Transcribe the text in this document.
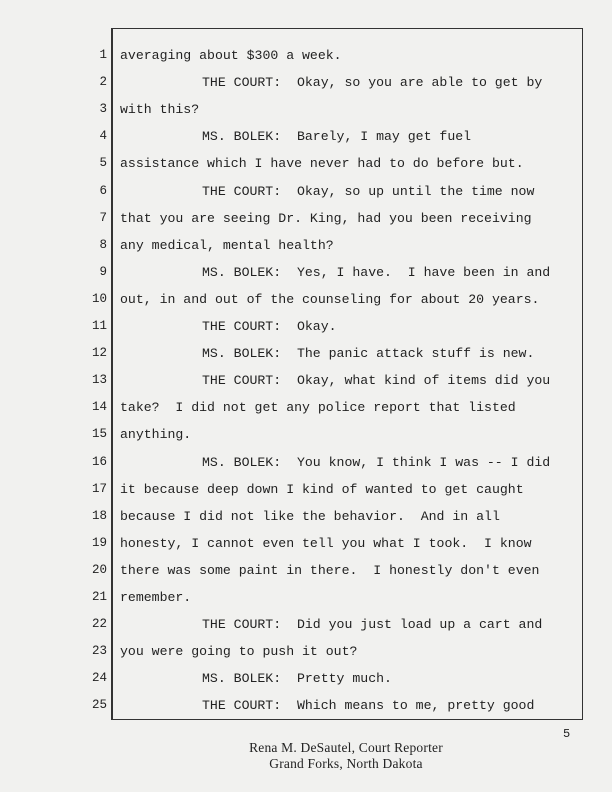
1 averaging about $300 a week.
2	THE COURT:  Okay, so you are able to get by
3 with this?
4	MS. BOLEK:  Barely, I may get fuel
5 assistance which I have never had to do before but.
6	THE COURT:  Okay, so up until the time now
7 that you are seeing Dr. King, had you been receiving
8 any medical, mental health?
9	MS. BOLEK:  Yes, I have.  I have been in and
10 out, in and out of the counseling for about 20 years.
11	THE COURT:  Okay.
12	MS. BOLEK:  The panic attack stuff is new.
13	THE COURT:  Okay, what kind of items did you
14 take?  I did not get any police report that listed
15 anything.
16	MS. BOLEK:  You know, I think I was -- I did
17 it because deep down I kind of wanted to get caught
18 because I did not like the behavior.  And in all
19 honesty, I cannot even tell you what I took.  I know
20 there was some paint in there.  I honestly don't even
21 remember.
22	THE COURT:  Did you just load up a cart and
23 you were going to push it out?
24	MS. BOLEK:  Pretty much.
25	THE COURT:  Which means to me, pretty good
5
Rena M. DeSautel, Court Reporter
Grand Forks, North Dakota
